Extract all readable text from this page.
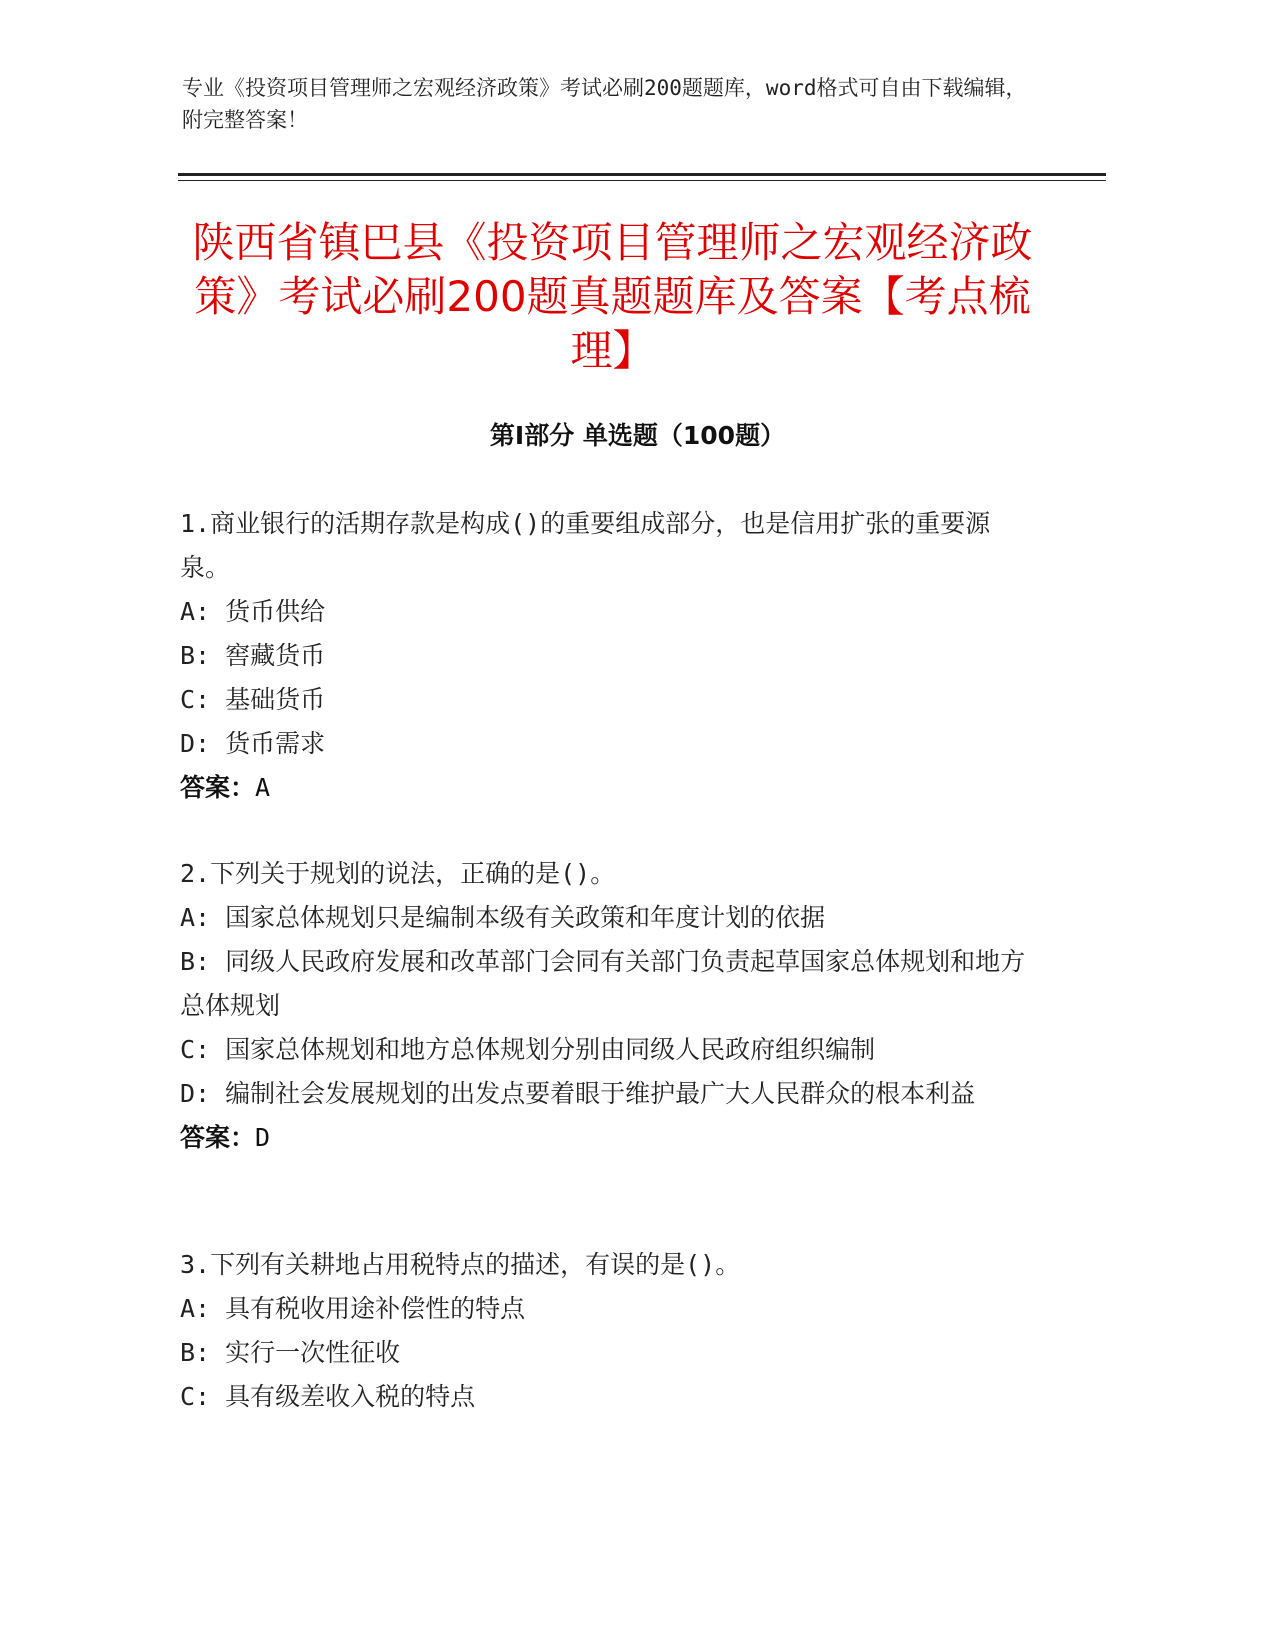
专业《投资项目管理师之宏观经济政策》考试必刷200题题库，word格式可自由下载编辑，附完整答案！
陕西省镇巴县《投资项目管理师之宏观经济政策》考试必刷200题真题题库及答案【考点梳理】
第I部分 单选题（100题）

1.商业银行的活期存款是构成()的重要组成部分，也是信用扩张的重要源泉。

A: 货币供给

B: 窖藏货币

C: 基础货币

D: 货币需求

答案：A

2.下列关于规划的说法，正确的是()。

A: 国家总体规划只是编制本级有关政策和年度计划的依据

B: 同级人民政府发展和改革部门会同有关部门负责起草国家总体规划和地方总体规划

C: 国家总体规划和地方总体规划分别由同级人民政府组织编制

D: 编制社会发展规划的出发点要着眼于维护最广大人民群众的根本利益

答案：D

3.下列有关耕地占用税特点的描述，有误的是()。

A: 具有税收用途补偿性的特点

B: 实行一次性征收

C: 具有级差收入税的特点
